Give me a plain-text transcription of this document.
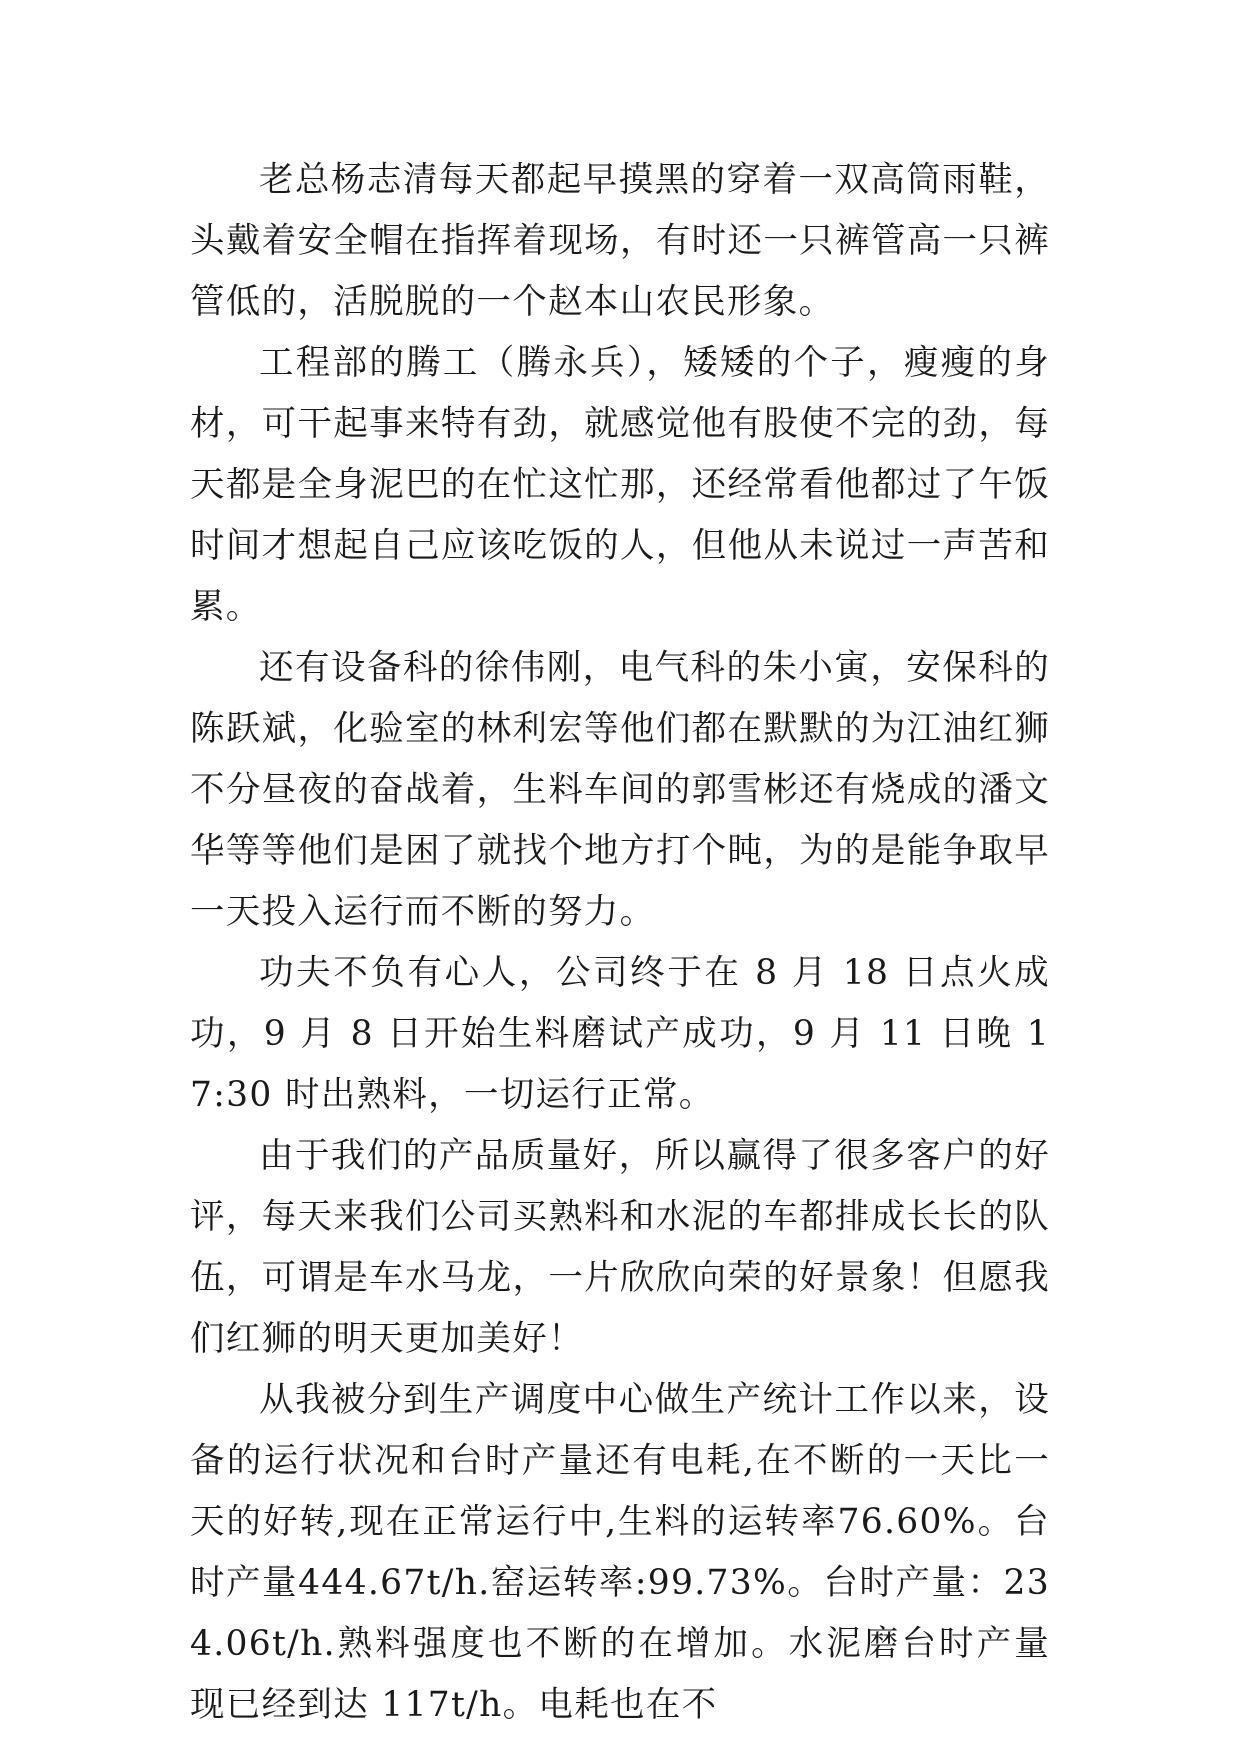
老总杨志清每天都起早摸黑的穿着一双高筒雨鞋，头戴着安全帽在指挥着现场，有时还一只裤管高一只裤管低的，活脱脱的一个赵本山农民形象。

工程部的腾工（腾永兵），矮矮的个子，瘦瘦的身材，可干起事来特有劲，就感觉他有股使不完的劲，每天都是全身泥巴的在忙这忙那，还经常看他都过了午饭时间才想起自己应该吃饭的人，但他从未说过一声苦和累。

还有设备科的徐伟刚，电气科的朱小寅，安保科的陈跃斌，化验室的林利宏等他们都在默默的为江油红狮不分昼夜的奋战着，生料车间的郭雪彬还有烧成的潘文华等等他们是困了就找个地方打个盹，为的是能争取早一天投入运行而不断的努力。

功夫不负有心人，公司终于在 8 月 18 日点火成功，9 月 8 日开始生料磨试产成功，9 月 11 日晚 17:30 时出熟料，一切运行正常。

由于我们的产品质量好，所以赢得了很多客户的好评，每天来我们公司买熟料和水泥的车都排成长长的队伍，可谓是车水马龙，一片欣欣向荣的好景象！但愿我们红狮的明天更加美好！

从我被分到生产调度中心做生产统计工作以来，设备的运行状况和台时产量还有电耗,在不断的一天比一天的好转,现在正常运行中,生料的运转率76.60%。台时产量444.67t/h.窑运转率:99.73%。台时产量：234.06t/h.熟料强度也不断的在增加。水泥磨台时产量现已经到达 117t/h。电耗也在不
